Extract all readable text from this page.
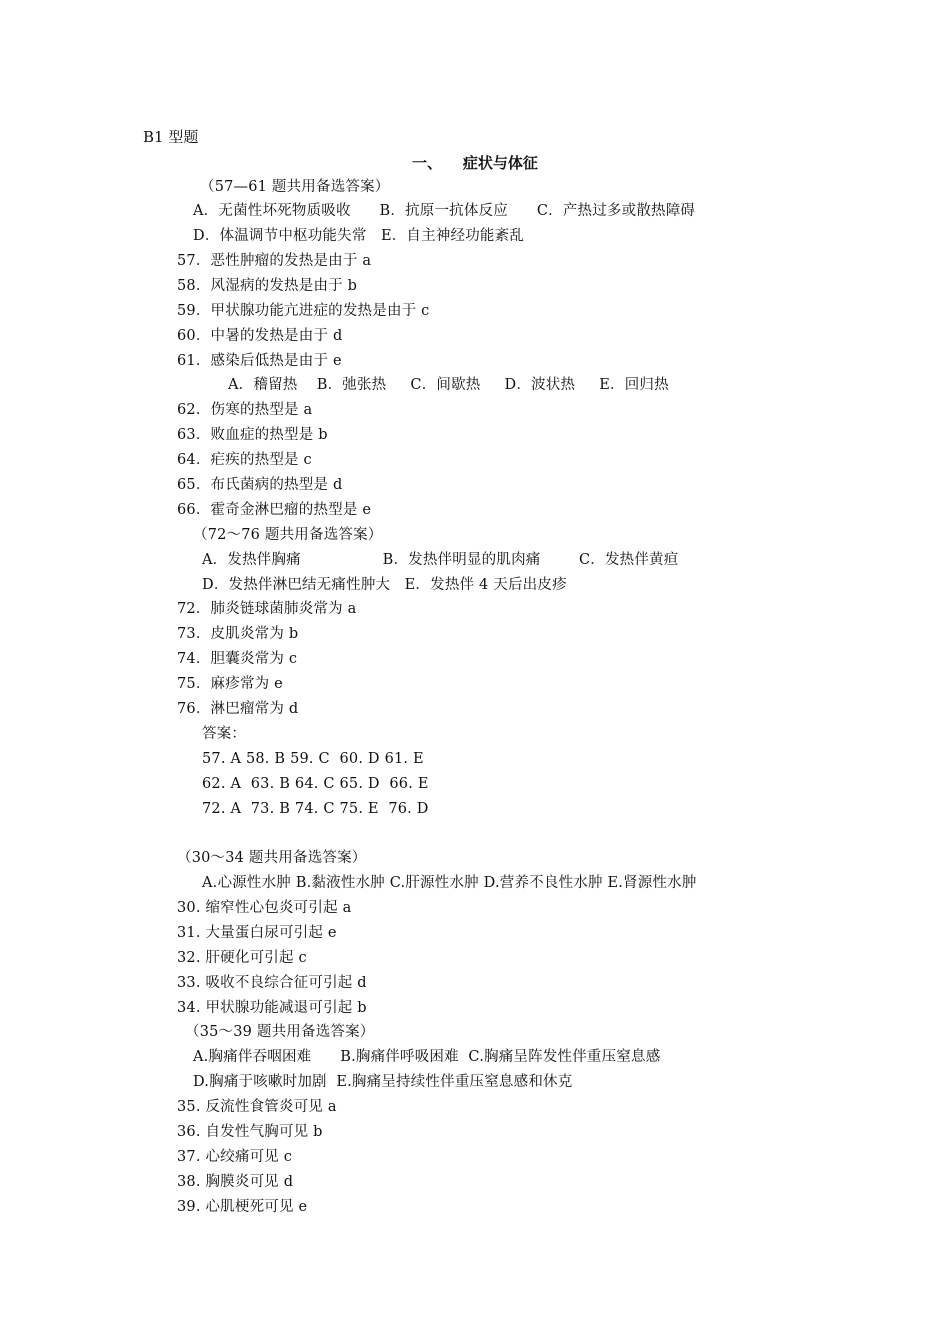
B1 型题
一、    症状与体征
（57—61 题共用备选答案）
A．无菌性坏死物质吸收      B．抗原一抗体反应      C．产热过多或散热障碍
D．体温调节中枢功能失常   E．自主神经功能紊乱
57．恶性肿瘤的发热是由于 a
58．风湿病的发热是由于 b
59．甲状腺功能亢进症的发热是由于 c
60．中暑的发热是由于 d
61．感染后低热是由于 e
A．稽留热    B．弛张热     C．间歇热     D．波状热     E．回归热
62．伤寒的热型是 a
63．败血症的热型是 b
64．疟疾的热型是 c
65．布氏菌病的热型是 d
66．霍奇金淋巴瘤的热型是 e
（72～76 题共用备选答案）
A．发热伴胸痛                 B．发热伴明显的肌肉痛        C．发热伴黄疸
D．发热伴淋巴结无痛性肿大   E．发热伴 4 天后出皮疹
72．肺炎链球菌肺炎常为 a
73．皮肌炎常为 b
74．胆囊炎常为 c
75．麻疹常为 e
76．淋巴瘤常为 d
答案：
57. A 58. B 59. C  60. D 61. E
62. A  63. B 64. C 65. D  66. E
72. A  73. B 74. C 75. E  76. D
（30～34 题共用备选答案）
A.心源性水肿 B.黏液性水肿 C.肝源性水肿 D.营养不良性水肿 E.肾源性水肿
30. 缩窄性心包炎可引起 a
31. 大量蛋白尿可引起 e
32. 肝硬化可引起 c
33. 吸收不良综合征可引起 d
34. 甲状腺功能减退可引起 b
（35～39 题共用备选答案）
A.胸痛伴吞咽困难      B.胸痛伴呼吸困难  C.胸痛呈阵发性伴重压窒息感
D.胸痛于咳嗽时加剧  E.胸痛呈持续性伴重压窒息感和休克
35. 反流性食管炎可见 a
36. 自发性气胸可见 b
37. 心绞痛可见 c
38. 胸膜炎可见 d
39. 心肌梗死可见 e
